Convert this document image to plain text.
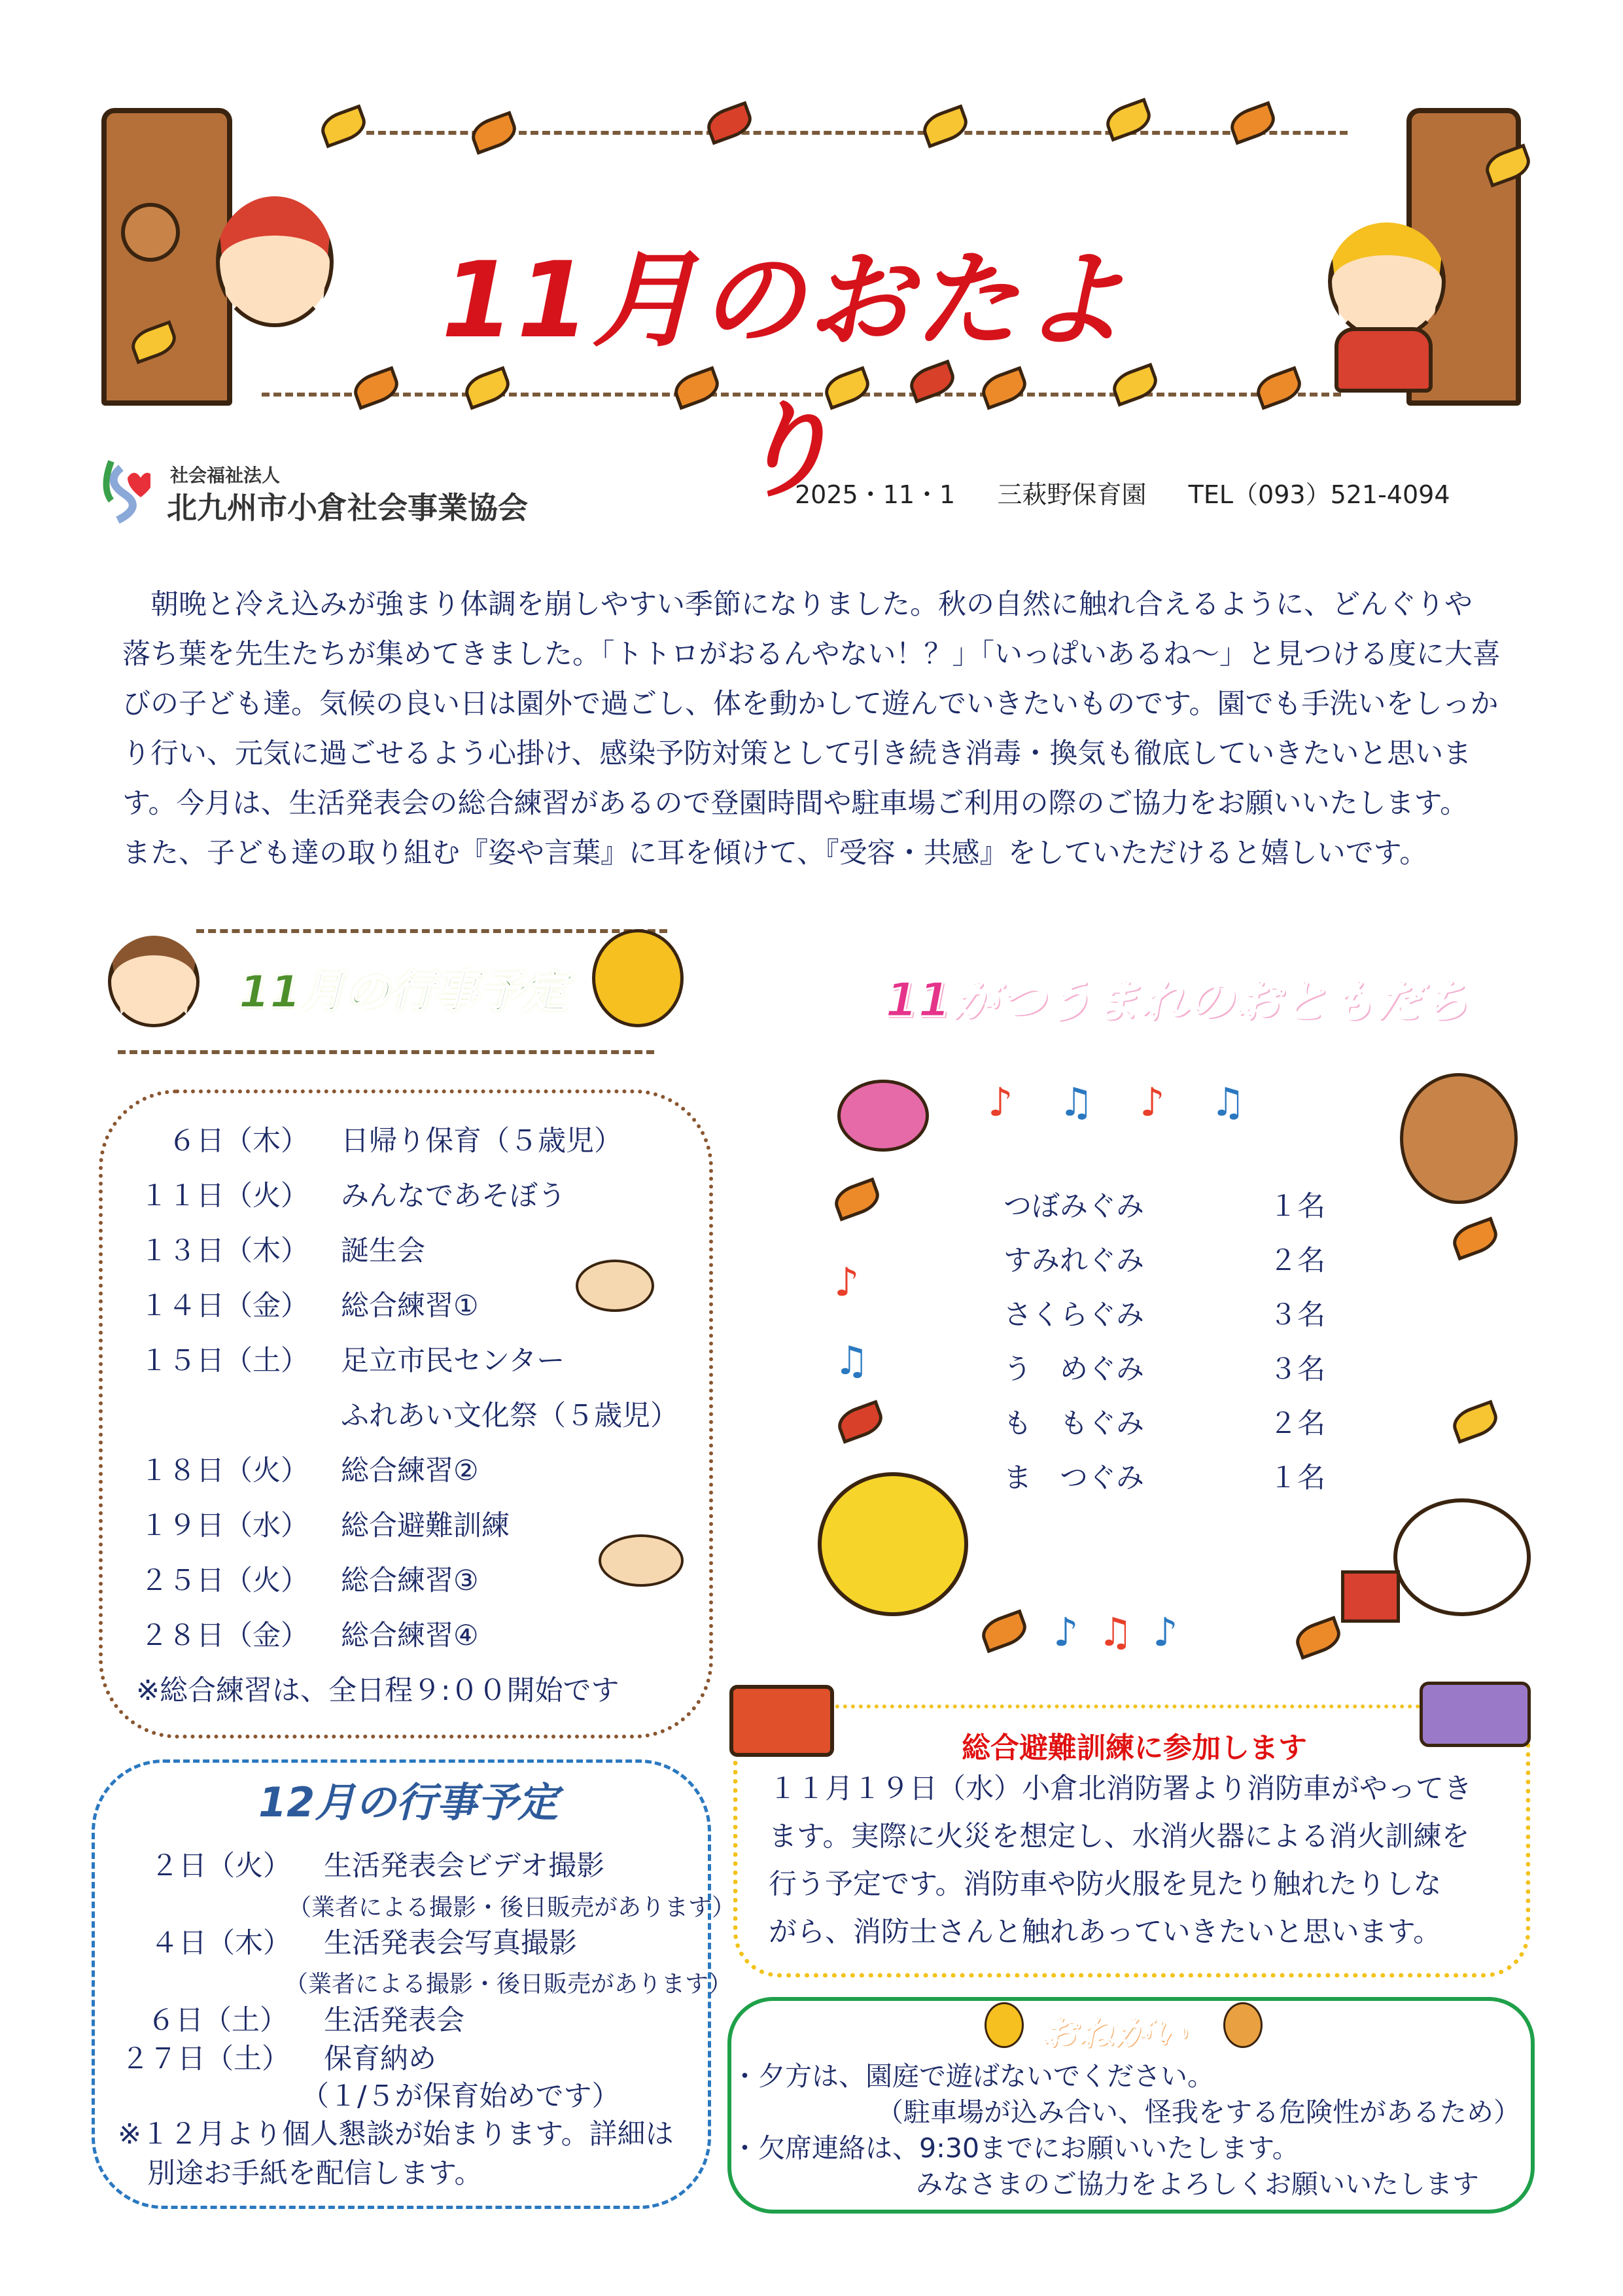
11月のおたより
社会福祉法人
北九州市小倉社会事業協会	2025・11・1 三萩野保育園 TEL（093）521-4094
　朝晩と冷え込みが強まり体調を崩しやすい季節になりました。秋の自然に触れ合えるように、どんぐりや
落ち葉を先生たちが集めてきました。「トトロがおるんやない！？」「いっぱいあるね～」と見つける度に大喜
びの子ども達。気候の良い日は園外で過ごし、体を動かして遊んでいきたいものです。園でも手洗いをしっか
り行い、元気に過ごせるよう心掛け、感染予防対策として引き続き消毒・換気も徹底していきたいと思いま
す。今月は、生活発表会の総合練習があるので登園時間や駐車場ご利用の際のご協力をお願いいたします。
また、子ども達の取り組む『姿や言葉』に耳を傾けて、『受容・共感』をしていただけると嬉しいです。
11月の行事予定
　６日（木） 日帰り保育（５歳児）
１１日（火） みんなであそぼう
１３日（木） 誕生会
１４日（金） 総合練習①
１５日（土） 足立市民センター
ふれあい文化祭（５歳児）
１８日（火） 総合練習②
１９日（水） 総合避難訓練
２５日（火） 総合練習③
２８日（金） 総合練習④
※総合練習は、全日程９:００開始です
12月の行事予定
２日（火） 生活発表会ビデオ撮影
（業者による撮影・後日販売があります）
４日（木） 生活発表会写真撮影
（業者による撮影・後日販売があります）
６日（土） 生活発表会
２７日（土） 保育納め
（１/５が保育始めです）
※１２月より個人懇談が始まります。詳細は
別途お手紙を配信します。
11がつうまれのおともだち
♪♫♪♫
♪♫♪
♪
♫
つぼみぐみ	１名
すみれぐみ	２名
さくらぐみ	３名
う　めぐみ	３名
も　もぐみ	２名
ま　つぐみ	１名
総合避難訓練に参加します
１１月１９日（水）小倉北消防署より消防車がやってき
ます。実際に火災を想定し、水消火器による消火訓練を
行う予定です。消防車や防火服を見たり触れたりしな
がら、消防士さんと触れあっていきたいと思います。
おねがい
・夕方は、園庭で遊ばないでください。
（駐車場が込み合い、怪我をする危険性があるため）
・欠席連絡は、9:30までにお願いいたします。
みなさまのご協力をよろしくお願いいたします
